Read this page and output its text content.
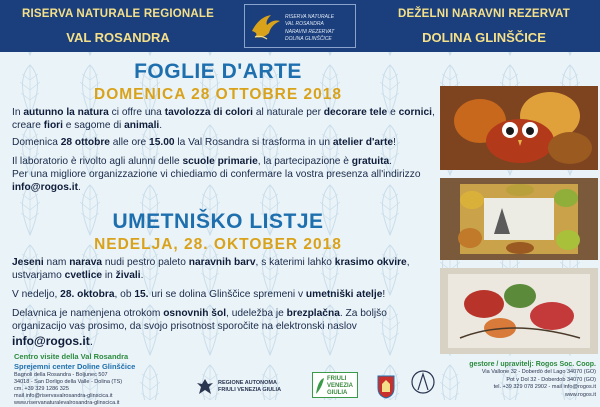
RISERVA NATURALE REGIONALE
VAL ROSANDRA
RISERVA NATURALE
VAL ROSANDRA
NARAVNI REZERVAT
DOLINA GLINŠČICE
DEŽELNI NARAVNI REZERVAT
DOLINA GLINŠČICE
FOGLIE D'ARTE
DOMENICA 28 OTTOBRE 2018
In autunno la natura ci offre una tavolozza di colori al naturale per decorare tele e cornici, creare fiori e sagome di animali.
Domenica 28 ottobre alle ore 15.00 la Val Rosandra si trasforma in un atelier d'arte!
Il laboratorio è rivolto agli alunni delle scuole primarie, la partecipazione è gratuita.
Per una migliore organizzazione vi chiediamo di confermare la vostra presenza all'indirizzo info@rogos.it.
UMETNIŠKO LISTJE
NEDELJA, 28. OKTOBER 2018
Jeseni nam narava nudi pestro paleto naravnih barv, s katerimi lahko krasimo okvire, ustvarjamo cvetlice in živali.
V nedeljo, 28. oktobra, ob 15. uri se dolina Glinščice spremeni v umetniški atelje!
Delavnica je namenjena otrokom osnovnih šol, udeležba je brezplačna. Za boljšo organizacijo vas prosimo, da svojo prisotnost sporočite na elektronski naslov
info@rogos.it.
Centro visite della Val Rosandra
Sprejemni center Doline Glinščice
Bagnoli della Rosandra - Boljunec 507
34018 - San Dorligo della Valle - Dolina (TS)
cm. +39 329 1286 325
mail info@riservavalrosandra-glinscica.it
www.riservanaturalevalrosandra-glinscica.it
REGIONE AUTONOMA
FRIULI VENEZIA GIULIA
FRIULI
VENEZIA
GIULIA
gestore / upravitelj: Rogos Soc. Coop.
Via Vallone 32 - Doberdò del Lago 34070 (GO)
Pot v Dol 32 - Doberdob 34070 (GO)
tel. +39 329 078 2902 - mail info@rogos.it
www.rogos.it
